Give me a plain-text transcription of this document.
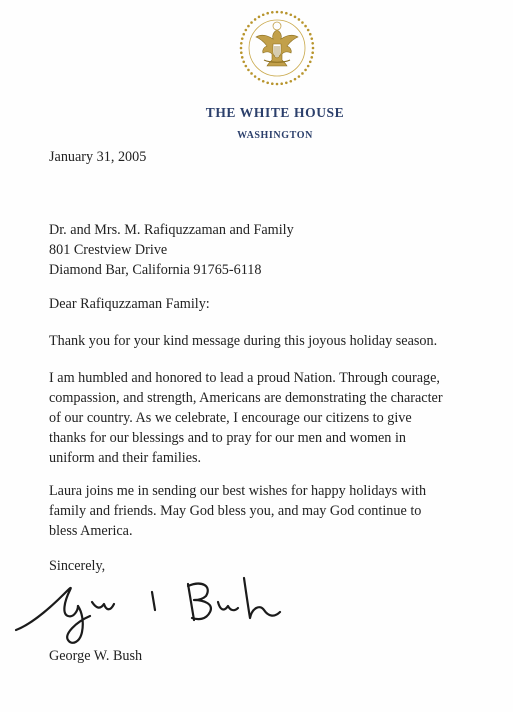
THE WHITE HOUSE
WASHINGTON
January 31, 2005
Dr. and Mrs. M. Rafiquzzaman and Family
801 Crestview Drive
Diamond Bar, California 91765-6118
Dear Rafiquzzaman Family:
Thank you for your kind message during this joyous holiday season.
I am humbled and honored to lead a proud Nation. Through courage,
compassion, and strength, Americans are demonstrating the character
of our country. As we celebrate, I encourage our citizens to give
thanks for our blessings and to pray for our men and women in
uniform and their families.
Laura joins me in sending our best wishes for happy holidays with
family and friends. May God bless you, and may God continue to
bless America.
Sincerely,
George W. Bush
